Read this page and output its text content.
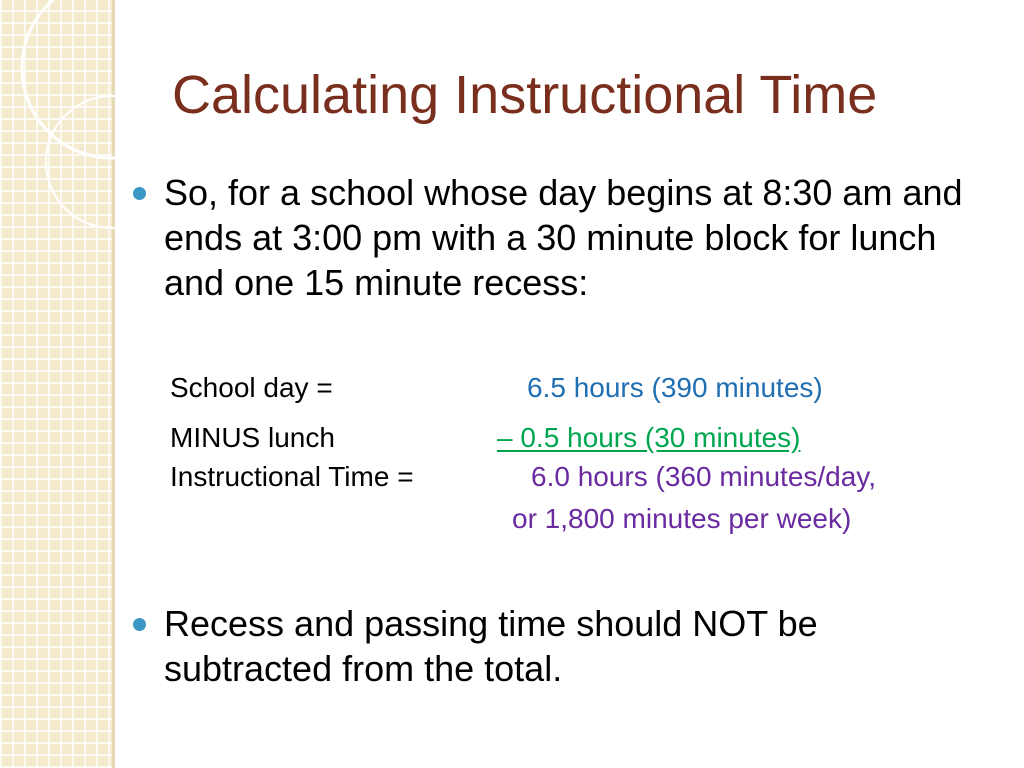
Calculating Instructional Time
So, for a school whose day begins at 8:30 am and ends at 3:00 pm with a 30 minute block for lunch and one 15 minute recess:
School day =	6.5 hours (390 minutes)
MINUS lunch	– 0.5 hours (30 minutes)
Instructional Time =	6.0 hours (360 minutes/day,
or 1,800 minutes per week)
Recess and passing time should NOT be subtracted from the total.
